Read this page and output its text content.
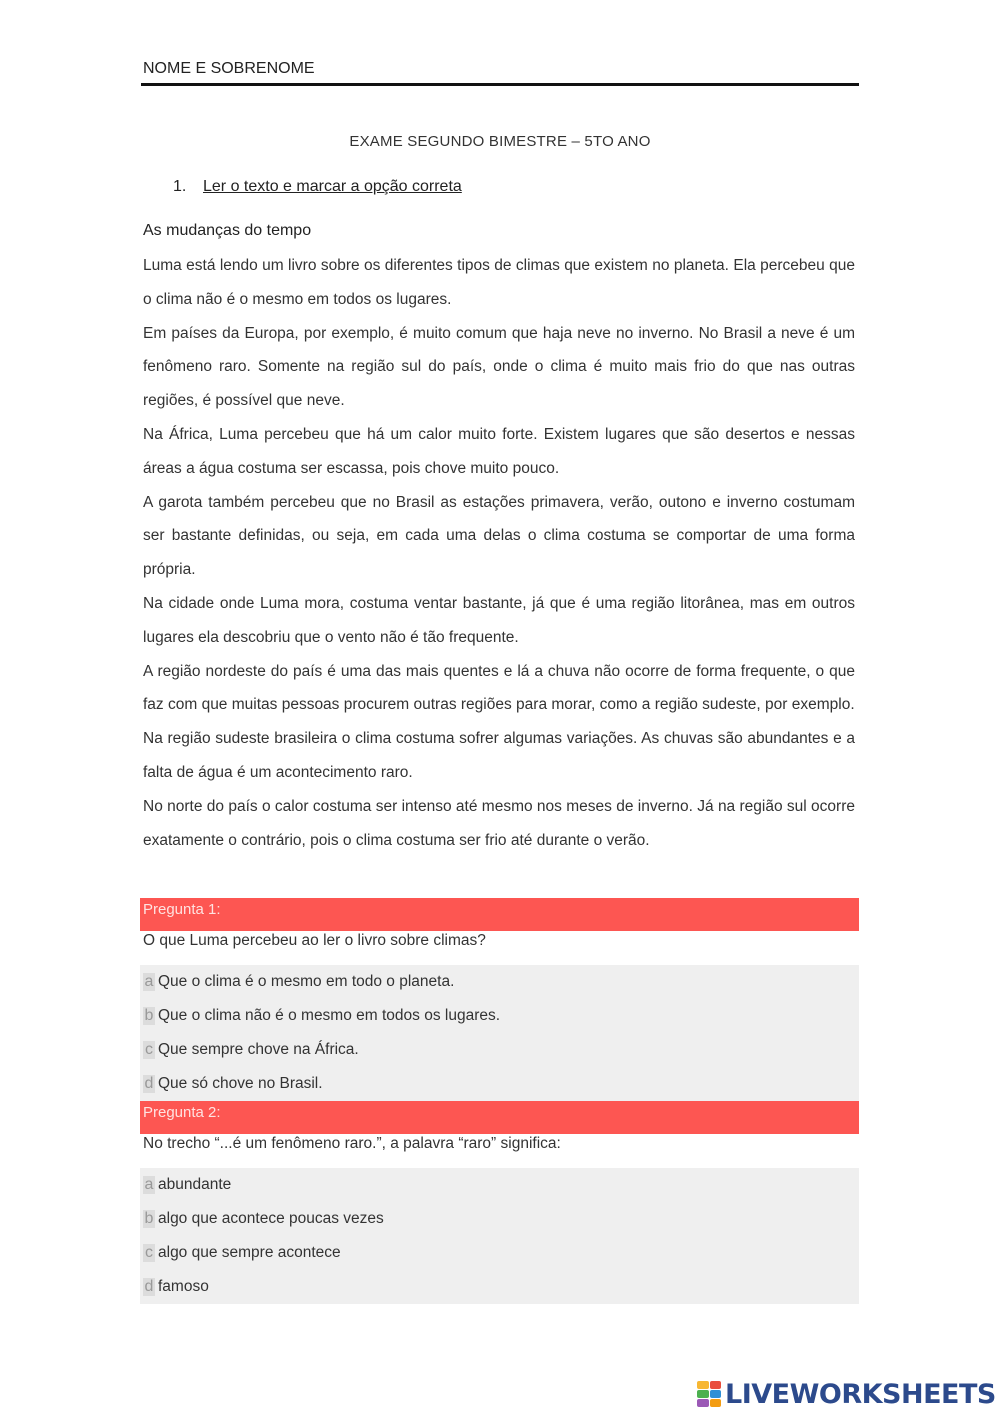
NOME E SOBRENOME
EXAME SEGUNDO BIMESTRE – 5TO ANO
1. Ler o texto e marcar a opção correta
As mudanças do tempo

Luma está lendo um livro sobre os diferentes tipos de climas que existem no planeta. Ela percebeu que o clima não é o mesmo em todos os lugares.

Em países da Europa, por exemplo, é muito comum que haja neve no inverno. No Brasil a neve é um fenômeno raro. Somente na região sul do país, onde o clima é muito mais frio do que nas outras regiões, é possível que neve.

Na África, Luma percebeu que há um calor muito forte. Existem lugares que são desertos e nessas áreas a água costuma ser escassa, pois chove muito pouco.

A garota também percebeu que no Brasil as estações primavera, verão, outono e inverno costumam ser bastante definidas, ou seja, em cada uma delas o clima costuma se comportar de uma forma própria.

Na cidade onde Luma mora, costuma ventar bastante, já que é uma região litorânea, mas em outros lugares ela descobriu que o vento não é tão frequente.

A região nordeste do país é uma das mais quentes e lá a chuva não ocorre de forma frequente, o que faz com que muitas pessoas procurem outras regiões para morar, como a região sudeste, por exemplo.

Na região sudeste brasileira o clima costuma sofrer algumas variações. As chuvas são abundantes e a falta de água é um acontecimento raro.

No norte do país o calor costuma ser intenso até mesmo nos meses de inverno. Já na região sul ocorre exatamente o contrário, pois o clima costuma ser frio até durante o verão.

Pregunta 1:
O que Luma percebeu ao ler o livro sobre climas?
a Que o clima é o mesmo em todo o planeta.
b Que o clima não é o mesmo em todos os lugares.
c Que sempre chove na África.
d Que só chove no Brasil.
Pregunta 2:
No trecho “...é um fenômeno raro.”, a palavra “raro” significa:
a abundante
b algo que acontece poucas vezes
c algo que sempre acontece
d famoso
LIVEWORKSHEETS
